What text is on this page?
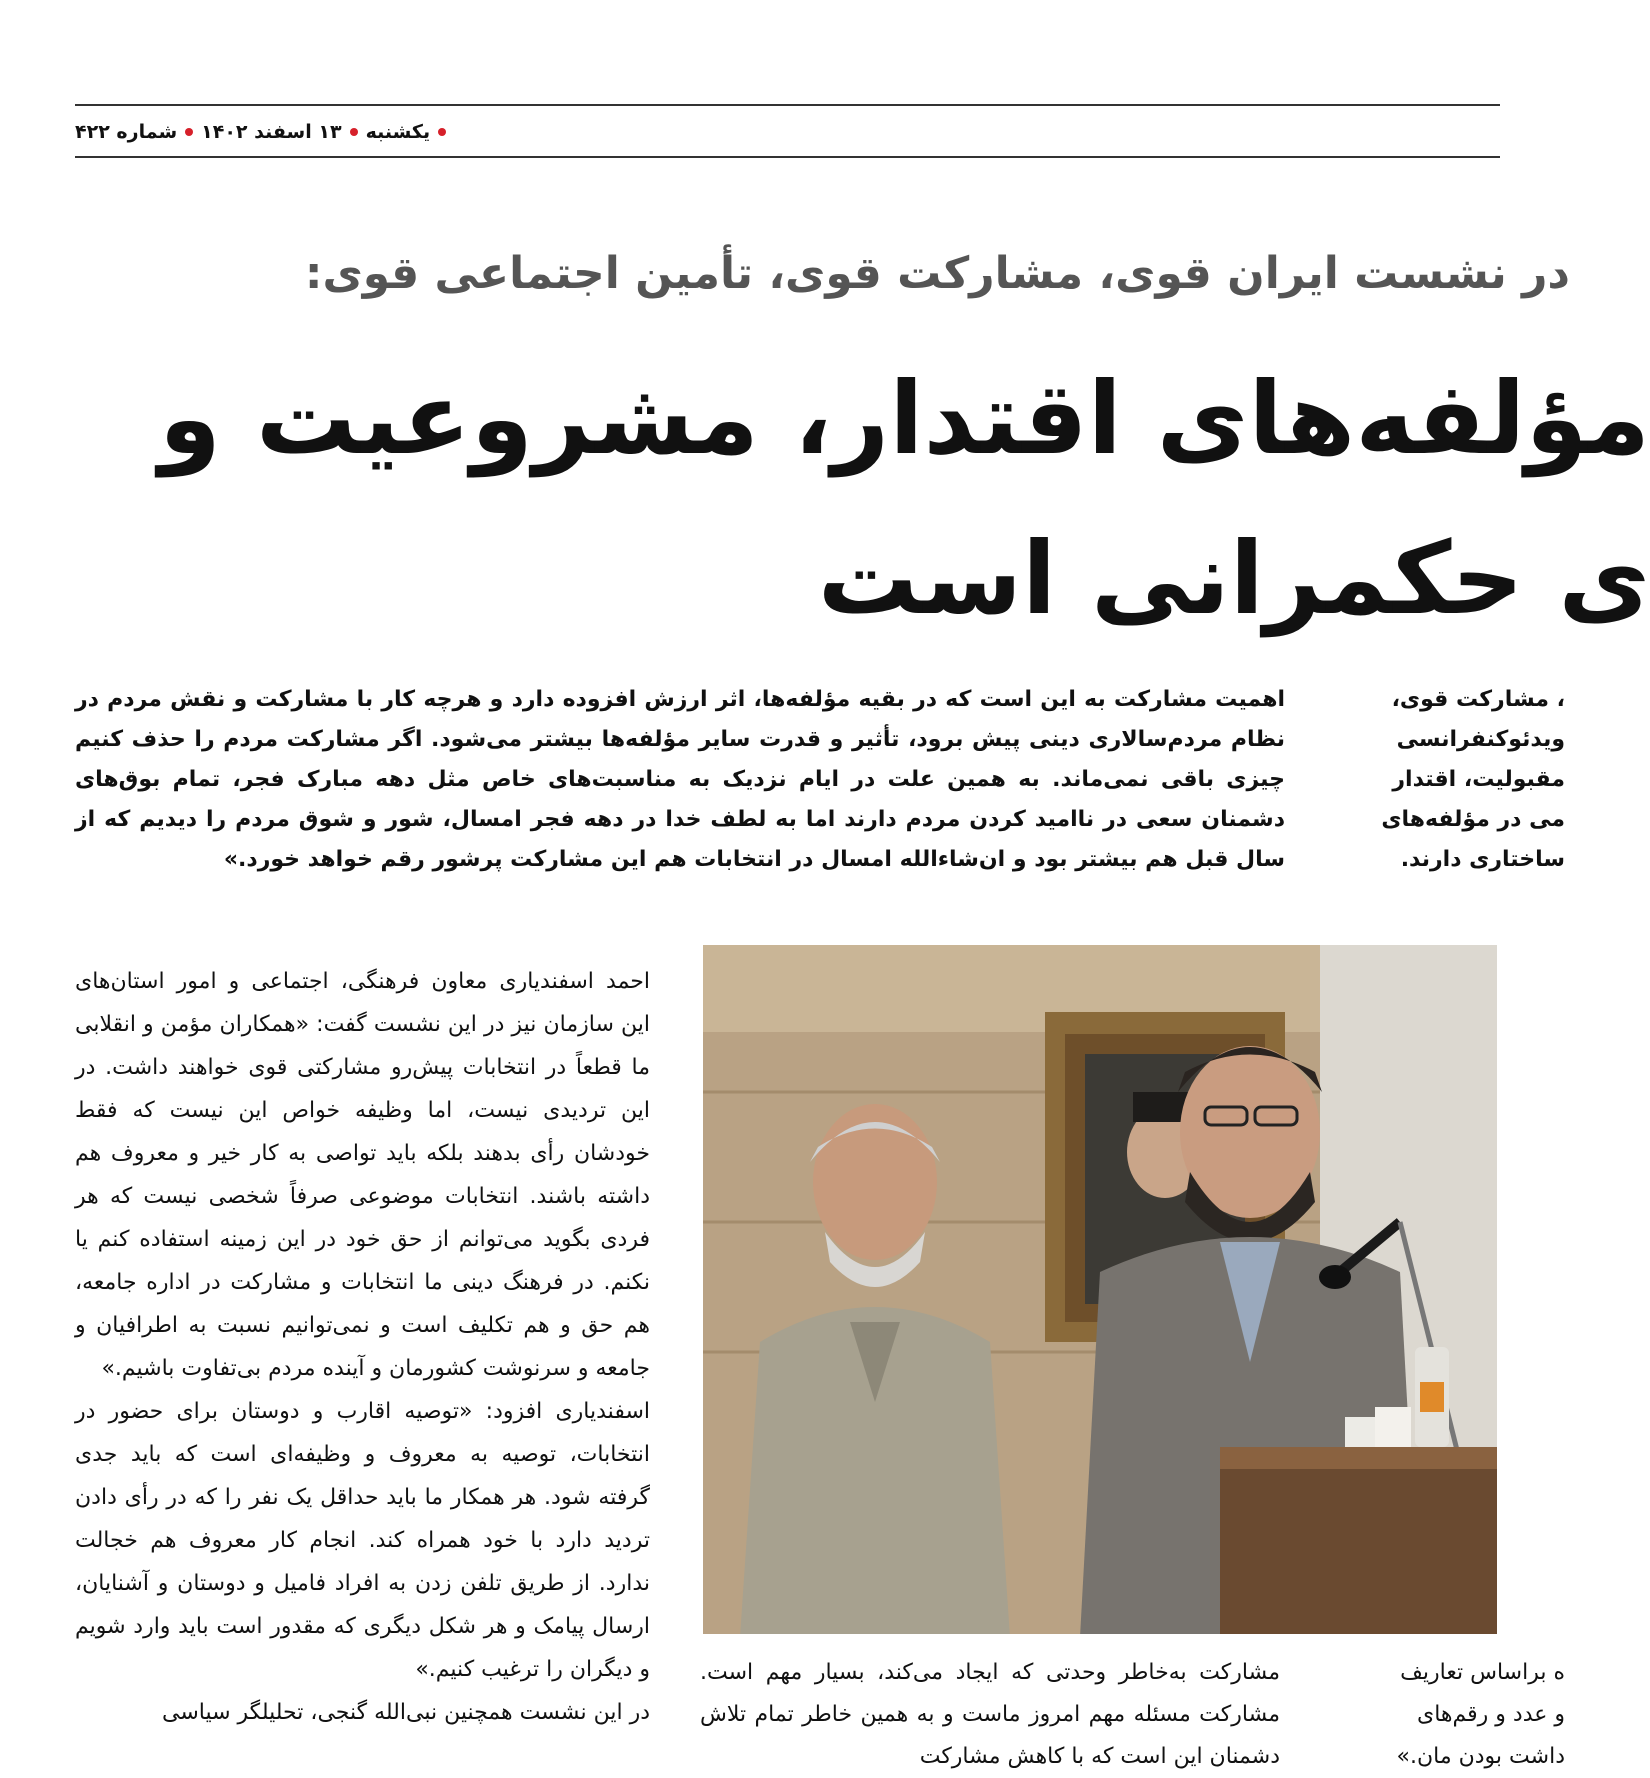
یکشنبه
۱۳ اسفند ۱۴۰۲
شماره ۴۲۲
در نشست ایران قوی، مشارکت قوی، تأمین اجتماعی قوی:
مؤلفه‌های اقتدار، مشروعیت و
ی حکمرانی است
، مشارکت قوی،
ویدئوکنفرانسی
مقبولیت، اقتدار
می در مؤلفه‌های
ساختاری دارند.
اهمیت مشارکت به این است که در بقیه مؤلفه‌ها، اثر ارزش افزوده دارد و هرچه کار با مشارکت و نقش مردم در نظام مردم‌سالاری دینی پیش برود، تأثیر و قدرت سایر مؤلفه‌ها بیشتر می‌شود. اگر مشارکت مردم را حذف کنیم چیزی باقی نمی‌ماند. به همین علت در ایام نزدیک به مناسبت‌های خاص مثل دهه مبارک فجر، تمام بوق‌های دشمنان سعی در ناامید کردن مردم دارند اما به لطف خدا در دهه فجر امسال، شور و شوق مردم را دیدیم که از سال قبل هم بیشتر بود و ان‌شاءالله امسال در انتخابات هم این مشارکت پرشور رقم خواهد خورد.»

احمد اسفندیاری معاون فرهنگی، اجتماعی و امور استان‌های این سازمان نیز در این نشست گفت: «همکاران مؤمن و انقلابی ما قطعاً در انتخابات پیش‌رو مشارکتی قوی خواهند داشت. در این تردیدی نیست، اما وظیفه خواص این نیست که فقط خودشان رأی بدهند بلکه باید تواصی به کار خیر و معروف هم داشته باشند. انتخابات موضوعی صرفاً شخصی نیست که هر فردی بگوید می‌توانم از حق خود در این زمینه استفاده کنم یا نکنم. در فرهنگ دینی ما انتخابات و مشارکت در اداره جامعه، هم حق و هم تکلیف است و نمی‌توانیم نسبت به اطرافیان و جامعه و سرنوشت کشورمان و آینده مردم بی‌تفاوت باشیم.»

اسفندیاری افزود: «توصیه اقارب و دوستان برای حضور در انتخابات، توصیه به معروف و وظیفه‌ای است که باید جدی گرفته شود. هر همکار ما باید حداقل یک نفر را که در رأی دادن تردید دارد با خود همراه کند. انجام کار معروف هم خجالت ندارد. از طریق تلفن زدن به افراد فامیل و دوستان و آشنایان، ارسال پیامک و هر شکل دیگری که مقدور است باید وارد شویم و دیگران را ترغیب کنیم.»

در این نشست همچنین نبی‌الله گنجی، تحلیلگر سیاسی

ه براساس تعاریف
و عدد و رقم‌های
داشت بودن مان.»
مشارکت به‌خاطر وحدتی که ایجاد می‌کند، بسیار مهم است. مشارکت مسئله مهم امروز ماست و به همین خاطر تمام تلاش دشمنان این است که با کاهش مشارکت
